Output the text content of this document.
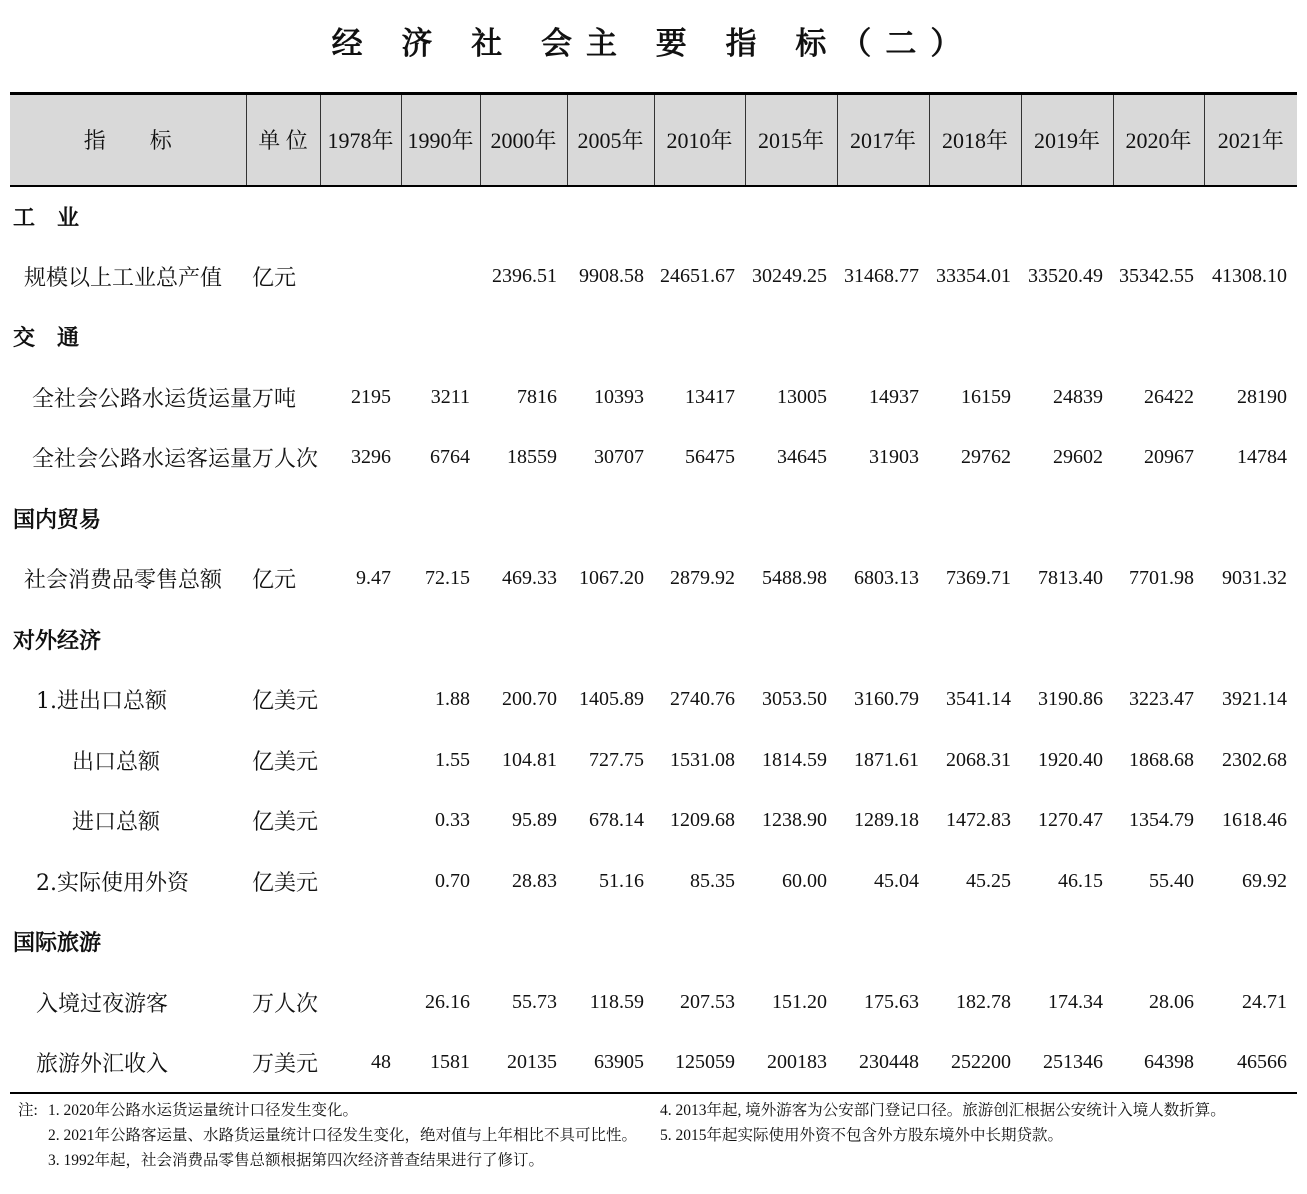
经 济 社 会主 要 指 标（二）
指　　标	单 位	1978年	1990年	2000年	2005年	2010年	2015年	2017年	2018年	2019年	2020年	2021年
工　业												
规模以上工业总产值	亿元			2396.51	9908.58	24651.67	30249.25	31468.77	33354.01	33520.49	35342.55	41308.10
交　通												
全社会公路水运货运量	万吨	2195	3211	7816	10393	13417	13005	14937	16159	24839	26422	28190
全社会公路水运客运量	万人次	3296	6764	18559	30707	56475	34645	31903	29762	29602	20967	14784
国内贸易												
社会消费品零售总额	亿元	9.47	72.15	469.33	1067.20	2879.92	5488.98	6803.13	7369.71	7813.40	7701.98	9031.32
对外经济												
1.进出口总额	亿美元		1.88	200.70	1405.89	2740.76	3053.50	3160.79	3541.14	3190.86	3223.47	3921.14
出口总额	亿美元		1.55	104.81	727.75	1531.08	1814.59	1871.61	2068.31	1920.40	1868.68	2302.68
进口总额	亿美元		0.33	95.89	678.14	1209.68	1238.90	1289.18	1472.83	1270.47	1354.79	1618.46
2.实际使用外资	亿美元		0.70	28.83	51.16	85.35	60.00	45.04	45.25	46.15	55.40	69.92
国际旅游												
入境过夜游客	万人次		26.16	55.73	118.59	207.53	151.20	175.63	182.78	174.34	28.06	24.71
旅游外汇收入	万美元	48	1581	20135	63905	125059	200183	230448	252200	251346	64398	46566
注: 1. 2020年公路水运货运量统计口径发生变化。
2. 2021年公路客运量、水路货运量统计口径发生变化，绝对值与上年相比不具可比性。
3. 1992年起，社会消费品零售总额根据第四次经济普查结果进行了修订。
4. 2013年起, 境外游客为公安部门登记口径。旅游创汇根据公安统计入境人数折算。
5. 2015年起实际使用外资不包含外方股东境外中长期贷款。
